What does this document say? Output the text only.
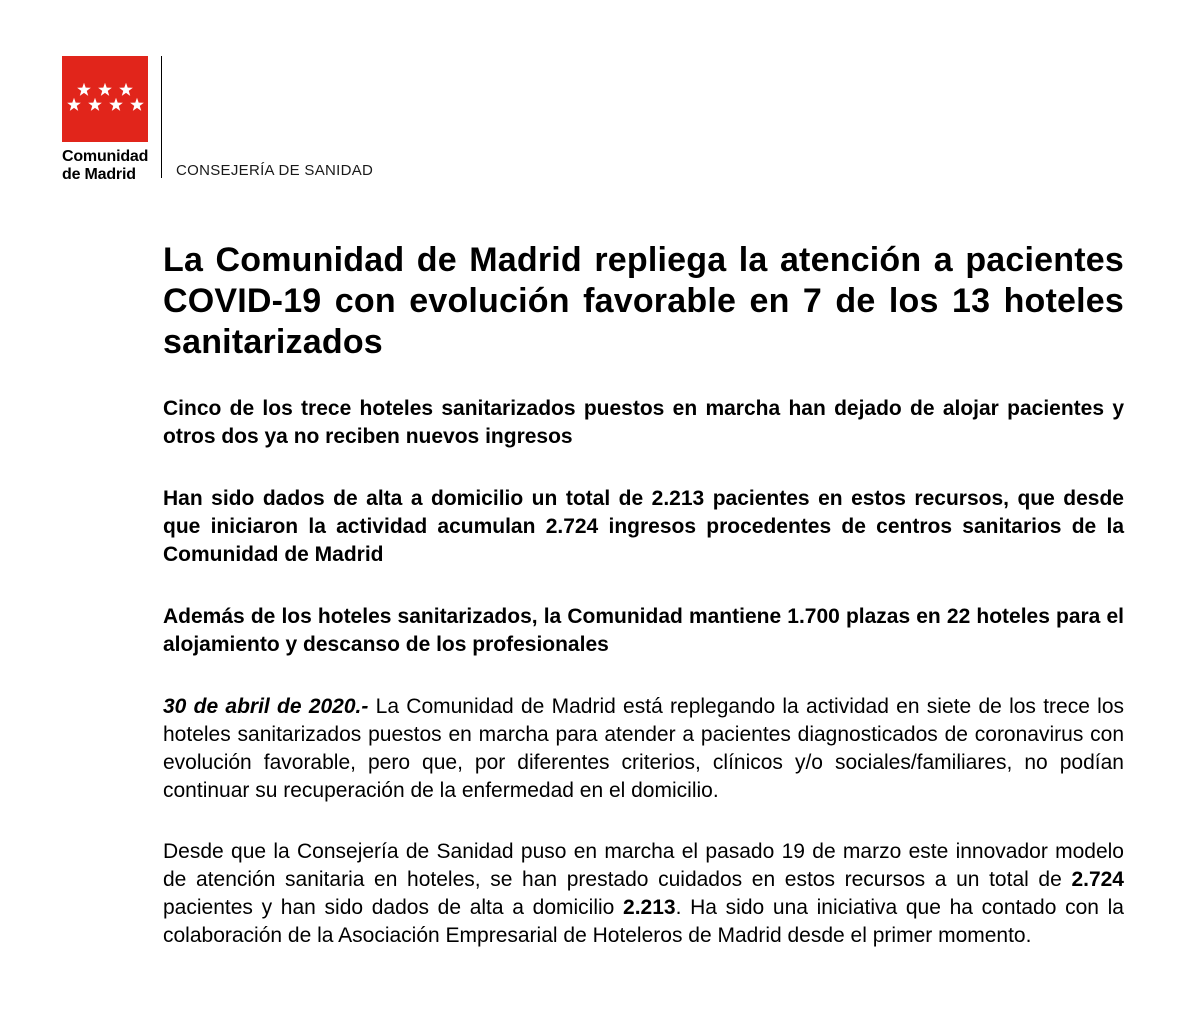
Comunidad
de Madrid	CONSEJERÍA DE SANIDAD
La Comunidad de Madrid repliega la atención a pacientes COVID-19 con evolución favorable en 7 de los 13 hoteles sanitarizados

Cinco de los trece hoteles sanitarizados puestos en marcha han dejado de alojar pacientes y otros dos ya no reciben nuevos ingresos

Han sido dados de alta a domicilio un total de 2.213 pacientes en estos recursos, que desde que iniciaron la actividad acumulan 2.724 ingresos procedentes de centros sanitarios de la Comunidad de Madrid

Además de los hoteles sanitarizados, la Comunidad mantiene 1.700 plazas en 22 hoteles para el alojamiento y descanso de los profesionales

30 de abril de 2020.- La Comunidad de Madrid está replegando la actividad en siete de los trece los hoteles sanitarizados puestos en marcha para atender a pacientes diagnosticados de coronavirus con evolución favorable, pero que, por diferentes criterios, clínicos y/o sociales/familiares, no podían continuar su recuperación de la enfermedad en el domicilio.

Desde que la Consejería de Sanidad puso en marcha el pasado 19 de marzo este innovador modelo de atención sanitaria en hoteles, se han prestado cuidados en estos recursos a un total de 2.724 pacientes y han sido dados de alta a domicilio 2.213. Ha sido una iniciativa que ha contado con la colaboración de la Asociación Empresarial de Hoteleros de Madrid desde el primer momento.
